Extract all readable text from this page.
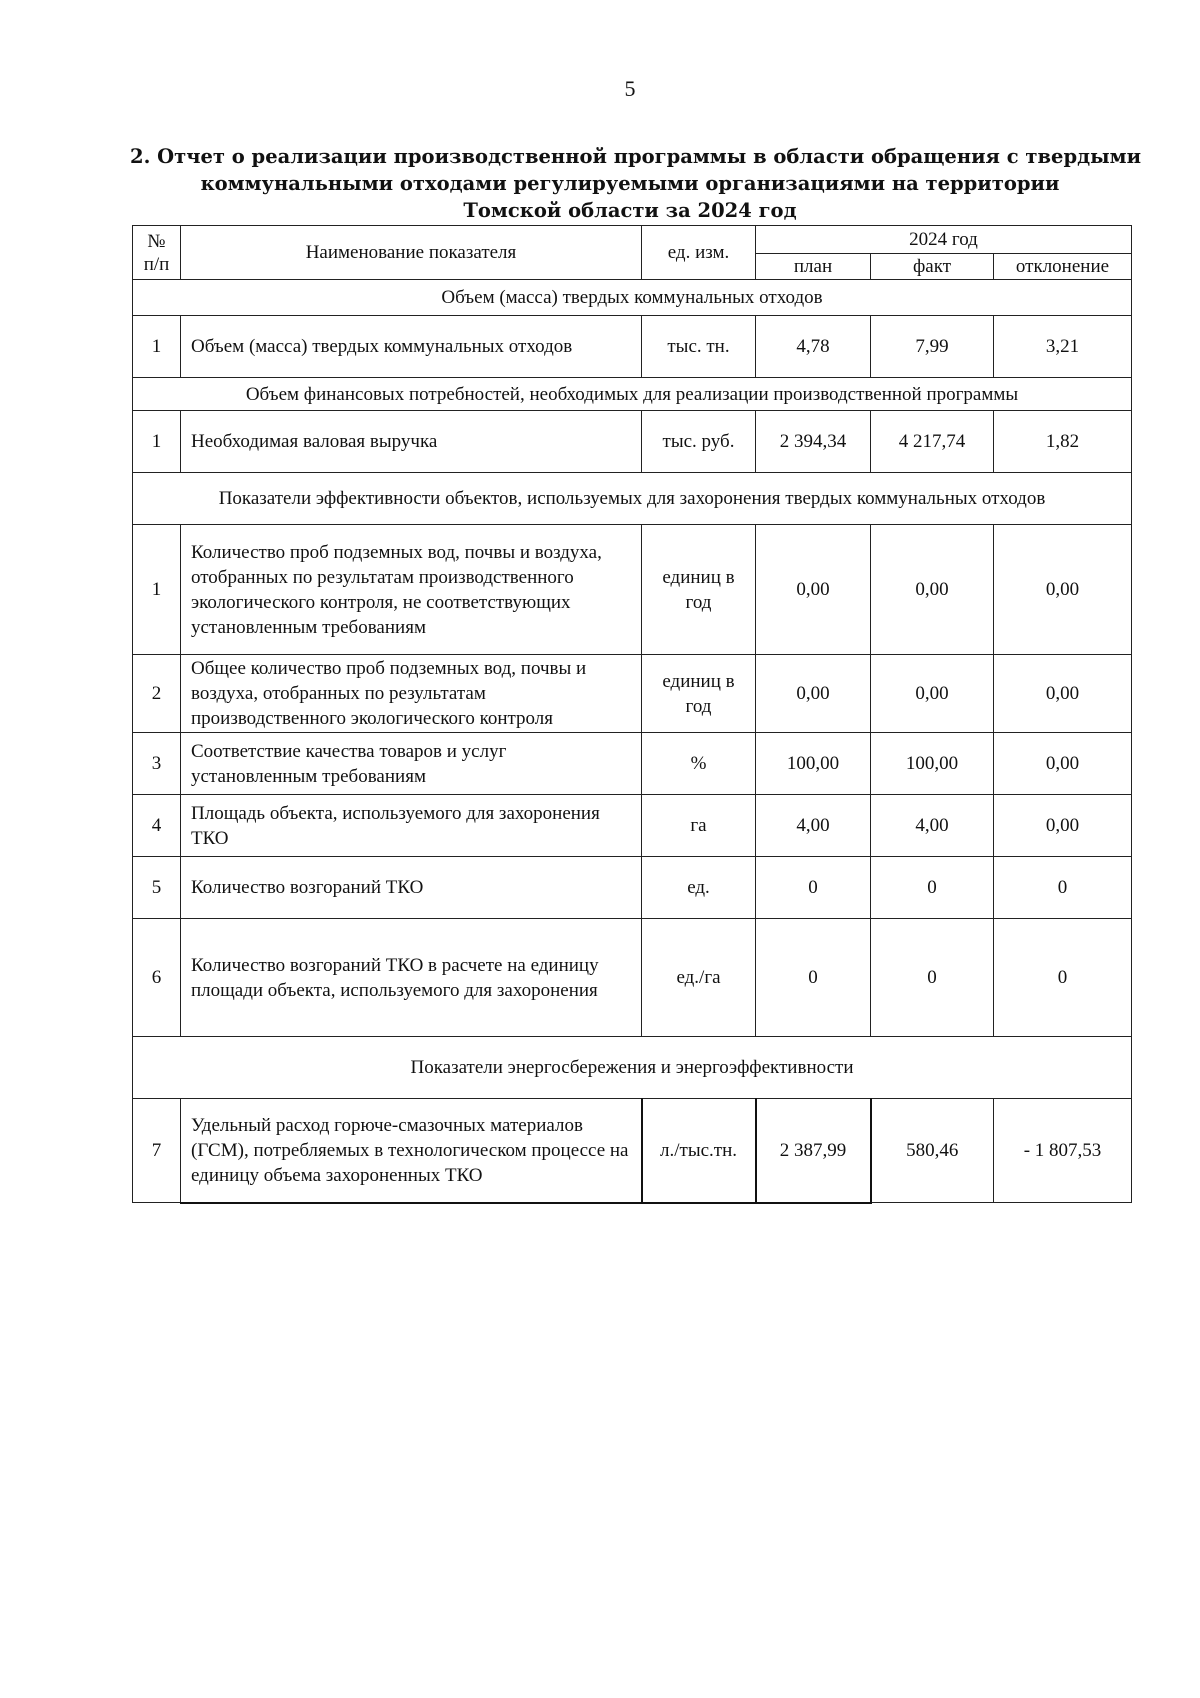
5
2. Отчет о реализации производственной программы в области обращения с твердыми
коммунальными отходами регулируемыми организациями на территории
Томской области за 2024 год
№
п/п	Наименование показателя	ед. изм.	2024 год		
			план	факт	отклонение
Объем (масса) твердых коммунальных отходов					
1	Объем (масса) твердых коммунальных отходов	тыс. тн.	4,78	7,99	3,21
Объем финансовых потребностей, необходимых для реализации производственной программы					
1	Необходимая валовая выручка	тыс. руб.	2 394,34	4 217,74	1,82
Показатели эффективности объектов, используемых для захоронения твердых коммунальных отходов					
1	Количество проб подземных вод, почвы и воздуха, отобранных по результатам производственного экологического контроля, не соответствующих установленным требованиям	единиц в год	0,00	0,00	0,00
2	Общее количество проб подземных вод, почвы и воздуха, отобранных по результатам производственного экологического контроля	единиц в год	0,00	0,00	0,00
3	Соответствие качества товаров и услуг установленным требованиям	%	100,00	100,00	0,00
4	Площадь объекта, используемого для захоронения ТКО	га	4,00	4,00	0,00
5	Количество возгораний ТКО	ед.	0	0	0
6	Количество возгораний ТКО в расчете на единицу площади объекта, используемого для захоронения	ед./га	0	0	0
Показатели энергосбережения и энергоэффективности					
7	Удельный расход горюче-смазочных материалов (ГСМ), потребляемых в технологическом процессе на единицу объема захороненных ТКО	л./тыс.тн.	2 387,99	580,46	- 1 807,53
